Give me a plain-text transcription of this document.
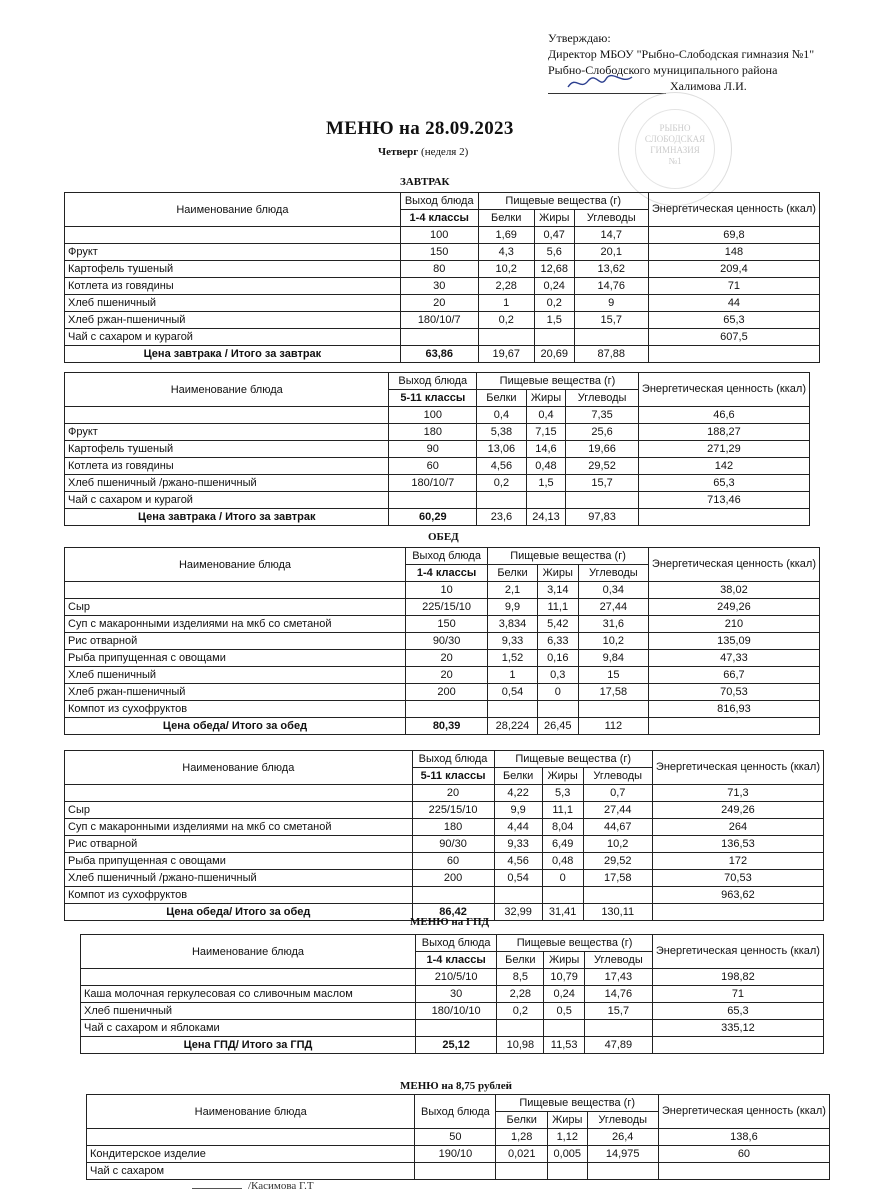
Утверждаю:
Директор МБОУ "Рыбно-Слободская гимназия №1"
Рыбно-Слободского муниципального района
Халимова Л.И.
РЫБНО
СЛОБОДСКАЯ
ГИМНАЗИЯ
№1
МЕНЮ на 28.09.2023
Четверг (неделя 2)
ЗАВТРАК
Наименование блюда	Выход блюда	Пищевые вещества (г)			Энергетическая ценность (ккал)
	1-4 классы	Белки	Жиры	Углеводы	
	100	1,69	0,47	14,7	69,8
Фрукт	150	4,3	5,6	20,1	148
Картофель тушеный	80	10,2	12,68	13,62	209,4
Котлета из говядины	30	2,28	0,24	14,76	71
Хлеб пшеничный	20	1	0,2	9	44
Хлеб ржан-пшеничный	180/10/7	0,2	1,5	15,7	65,3
Чай с сахаром и курагой					607,5
Цена завтрака / Итого за завтрак	63,86	19,67	20,69	87,88	
Наименование блюда	Выход блюда	Пищевые вещества (г)			Энергетическая ценность (ккал)
	5-11 классы	Белки	Жиры	Углеводы	
	100	0,4	0,4	7,35	46,6
Фрукт	180	5,38	7,15	25,6	188,27
Картофель тушеный	90	13,06	14,6	19,66	271,29
Котлета из говядины	60	4,56	0,48	29,52	142
Хлеб пшеничный /ржано-пшеничный	180/10/7	0,2	1,5	15,7	65,3
Чай с сахаром и курагой					713,46
Цена завтрака / Итого за завтрак	60,29	23,6	24,13	97,83	
ОБЕД
Наименование блюда	Выход блюда	Пищевые вещества (г)			Энергетическая ценность (ккал)
	1-4 классы	Белки	Жиры	Углеводы	
	10	2,1	3,14	0,34	38,02
Сыр	225/15/10	9,9	11,1	27,44	249,26
Суп с макаронными изделиями на мкб со сметаной	150	3,834	5,42	31,6	210
Рис отварной	90/30	9,33	6,33	10,2	135,09
Рыба припущенная с овощами	20	1,52	0,16	9,84	47,33
Хлеб пшеничный	20	1	0,3	15	66,7
Хлеб ржан-пшеничный	200	0,54	0	17,58	70,53
Компот из сухофруктов					816,93
Цена обеда/ Итого за обед	80,39	28,224	26,45	112	
Наименование блюда	Выход блюда	Пищевые вещества (г)			Энергетическая ценность (ккал)
	5-11 классы	Белки	Жиры	Углеводы	
	20	4,22	5,3	0,7	71,3
Сыр	225/15/10	9,9	11,1	27,44	249,26
Суп с макаронными изделиями на мкб со сметаной	180	4,44	8,04	44,67	264
Рис отварной	90/30	9,33	6,49	10,2	136,53
Рыба припущенная с овощами	60	4,56	0,48	29,52	172
Хлеб пшеничный /ржано-пшеничный	200	0,54	0	17,58	70,53
Компот из сухофруктов					963,62
Цена обеда/ Итого за обед	86,42	32,99	31,41	130,11	
МЕНЮ на ГПД
Наименование блюда	Выход блюда	Пищевые вещества (г)			Энергетическая ценность (ккал)
	1-4 классы	Белки	Жиры	Углеводы	
	210/5/10	8,5	10,79	17,43	198,82
Каша молочная геркулесовая со сливочным маслом	30	2,28	0,24	14,76	71
Хлеб пшеничный	180/10/10	0,2	0,5	15,7	65,3
Чай с сахаром и яблоками					335,12
Цена ГПД/ Итого за ГПД	25,12	10,98	11,53	47,89	
МЕНЮ на 8,75 рублей
Наименование блюда	Выход блюда	Пищевые вещества (г)			Энергетическая ценность (ккал)
		Белки	Жиры	Углеводы	
	50	1,28	1,12	26,4	138,6
Кондитерское изделие	190/10	0,021	0,005	14,975	60
Чай с сахаром					
/Касимова Г.Т
